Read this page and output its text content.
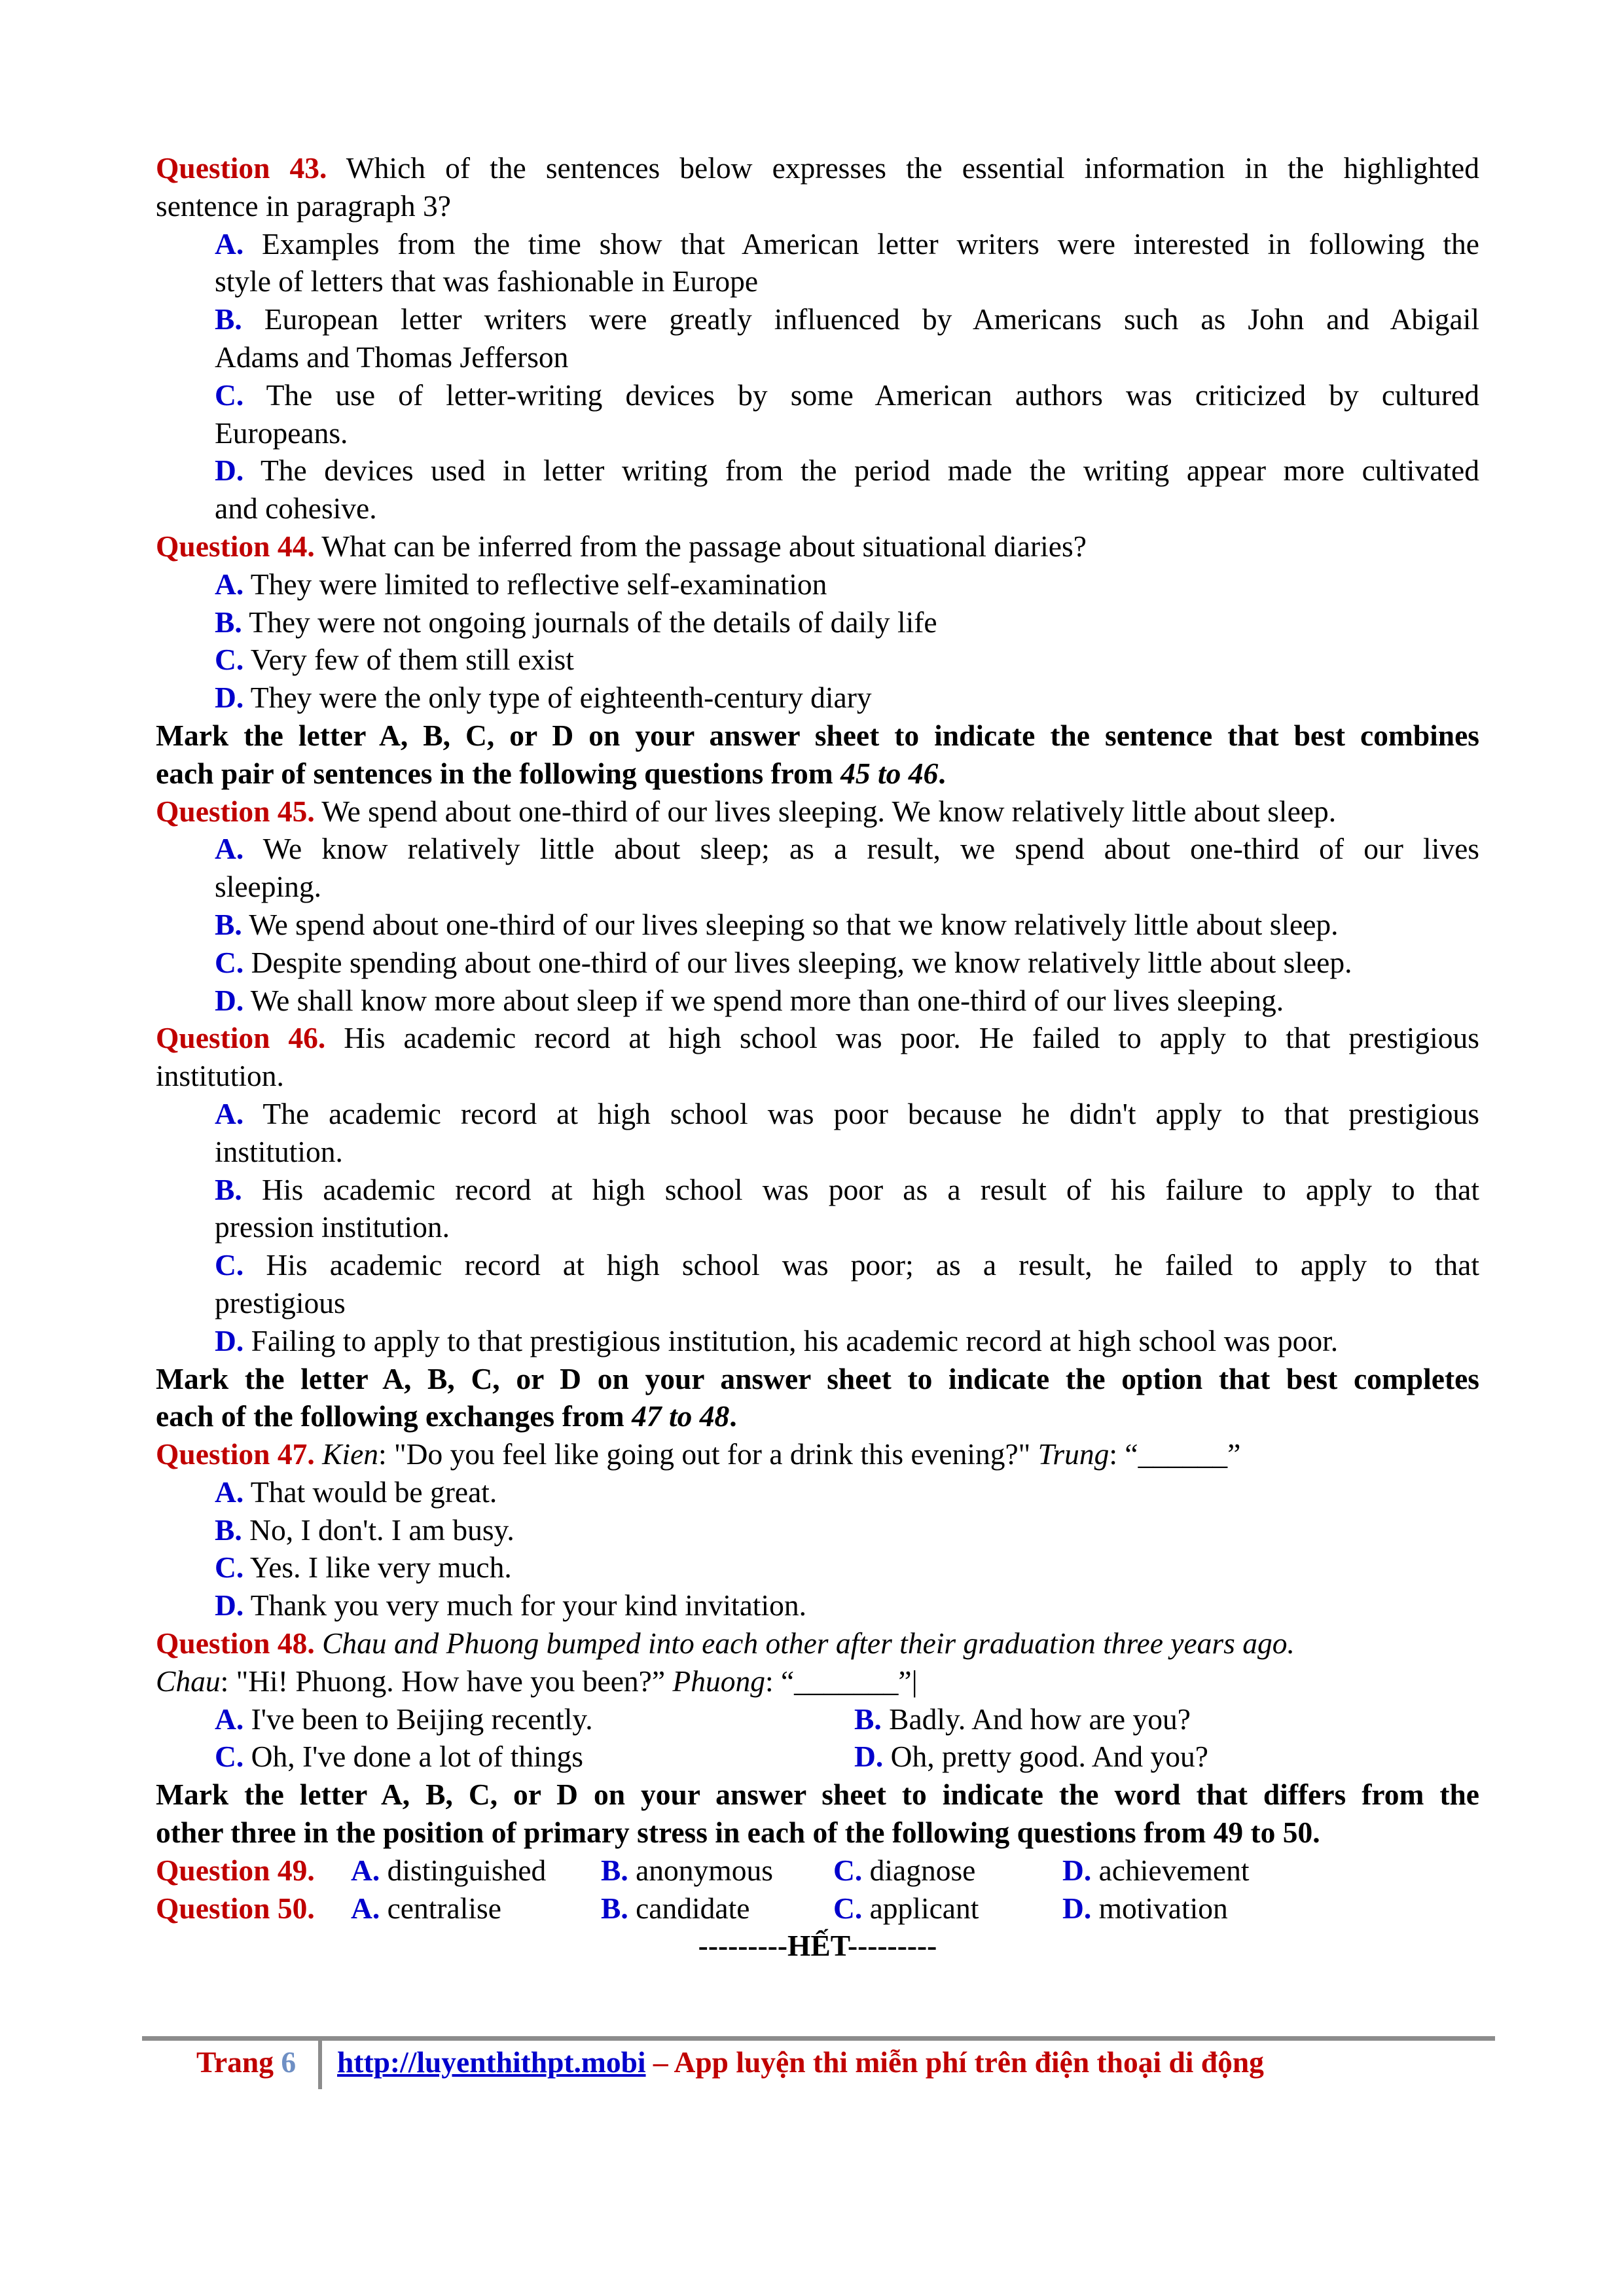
Question 43. Which of the sentences below expresses the essential information in the highlighted
sentence in paragraph 3?
A. Examples from the time show that American letter writers were interested in following the
style of letters that was fashionable in Europe
B. European letter writers were greatly influenced by Americans such as John and Abigail
Adams and Thomas Jefferson
C. The use of letter-writing devices by some American authors was criticized by cultured
Europeans.
D. The devices used in letter writing from the period made the writing appear more cultivated
and cohesive.
Question 44. What can be inferred from the passage about situational diaries?
A. They were limited to reflective self-examination
B. They were not ongoing journals of the details of daily life
C. Very few of them still exist
D. They were the only type of eighteenth-century diary
Mark the letter A, B, C, or D on your answer sheet to indicate the sentence that best combines
each pair of sentences in the following questions from 45 to 46.
Question 45. We spend about one-third of our lives sleeping. We know relatively little about sleep.
A. We know relatively little about sleep; as a result, we spend about one-third of our lives
sleeping.
B. We spend about one-third of our lives sleeping so that we know relatively little about sleep.
C. Despite spending about one-third of our lives sleeping, we know relatively little about sleep.
D. We shall know more about sleep if we spend more than one-third of our lives sleeping.
Question 46. His academic record at high school was poor. He failed to apply to that prestigious
institution.
A. The academic record at high school was poor because he didn't apply to that prestigious
institution.
B. His academic record at high school was poor as a result of his failure to apply to that
pression institution.
C. His academic record at high school was poor; as a result, he failed to apply to that
prestigious
D. Failing to apply to that prestigious institution, his academic record at high school was poor.
Mark the letter A, B, C, or D on your answer sheet to indicate the option that best completes
each of the following exchanges from 47 to 48.
Question 47. Kien: "Do you feel like going out for a drink this evening?" Trung: “______”
A. That would be great.
B. No, I don't. I am busy.
C. Yes. I like very much.
D. Thank you very much for your kind invitation.
Question 48. Chau and Phuong bumped into each other after their graduation three years ago.
Chau: "Hi! Phuong. How have you been?” Phuong: “_______”|
A. I've been to Beijing recently.	B. Badly. And how are you?
C. Oh, I've done a lot of things	D. Oh, pretty good. And you?
Mark the letter A, B, C, or D on your answer sheet to indicate the word that differs from the
other three in the position of primary stress in each of the following questions from 49 to 50.
Question 49.	A. distinguished	B. anonymous	C. diagnose	D. achievement
Question 50.	A. centralise	B. candidate	C. applicant	D. motivation
---------HẾT---------
Trang 6 http://luyenthithpt.mobi – App luyện thi miễn phí trên điện thoại di động
